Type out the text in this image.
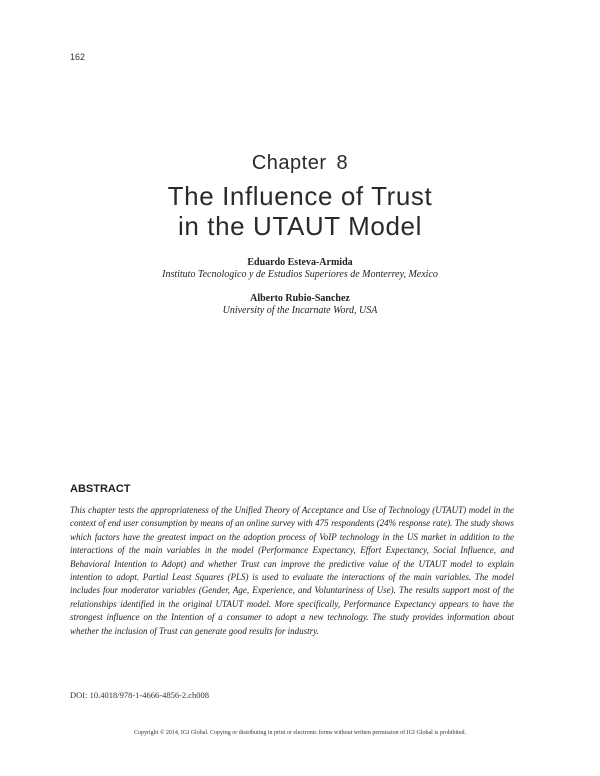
162
Chapter 8
The Influence of Trust
in the UTAUT Model
Eduardo Esteva-Armida
Instituto Tecnologico y de Estudios Superiores de Monterrey, Mexico
Alberto Rubio-Sanchez
University of the Incarnate Word, USA
ABSTRACT
This chapter tests the appropriateness of the Unified Theory of Acceptance and Use of Technology (UTAUT) model in the context of end user consumption by means of an online survey with 475 respondents (24% response rate). The study shows which factors have the greatest impact on the adoption process of VoIP technology in the US market in addition to the interactions of the main variables in the model (Performance Expectancy, Effort Expectancy, Social Influence, and Behavioral Intention to Adopt) and whether Trust can improve the predictive value of the UTAUT model to explain intention to adopt. Partial Least Squares (PLS) is used to evaluate the interactions of the main variables. The model includes four moderator variables (Gender, Age, Experience, and Voluntariness of Use). The results support most of the relationships identified in the original UTAUT model. More specifically, Performance Expectancy appears to have the strongest influence on the Intention of a consumer to adopt a new technology. The study provides information about whether the inclusion of Trust can generate good results for industry.
DOI: 10.4018/978-1-4666-4856-2.ch008
Copyright © 2014, IGI Global. Copying or distributing in print or electronic forms without written permission of IGI Global is prohibited.
